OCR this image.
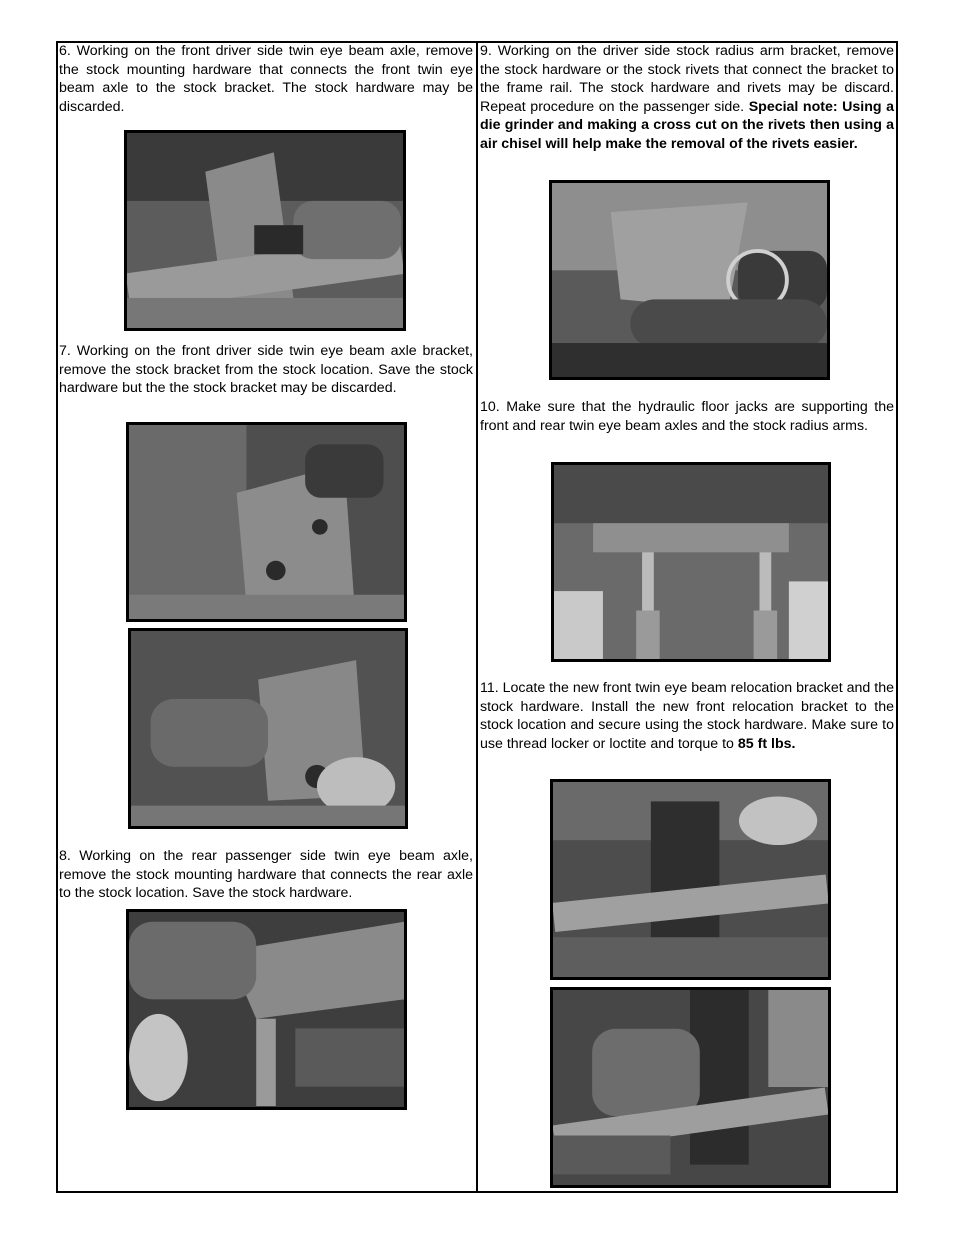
6. Working on the front driver side twin eye beam axle, remove the stock mounting hardware that connects the front twin eye beam axle to the stock bracket. The stock hardware may be discarded.

7. Working on the front driver side twin eye beam axle bracket, remove the stock bracket from the stock location. Save the stock hardware but the the stock bracket may be discarded.

8. Working on the rear passenger side twin eye beam axle, remove the stock mounting hardware that connects the rear axle to the stock location. Save the stock hardware.

9. Working on the driver side stock radius arm bracket, remove the stock hardware or the stock rivets that connect the bracket to the frame rail. The stock hardware and rivets may be discard. Repeat procedure on the passenger side. Special note: Using a die grinder and making a cross cut on the rivets then using a air chisel will help make the removal of the rivets easier.

10. Make sure that the hydraulic floor jacks are supporting the front and rear twin eye beam axles and the stock radius arms.

11. Locate the new front twin eye beam relocation bracket and the stock hardware. Install the new front relocation bracket to the stock location and secure using the stock hardware. Make sure to use thread locker or loctite and torque to 85 ft lbs.
